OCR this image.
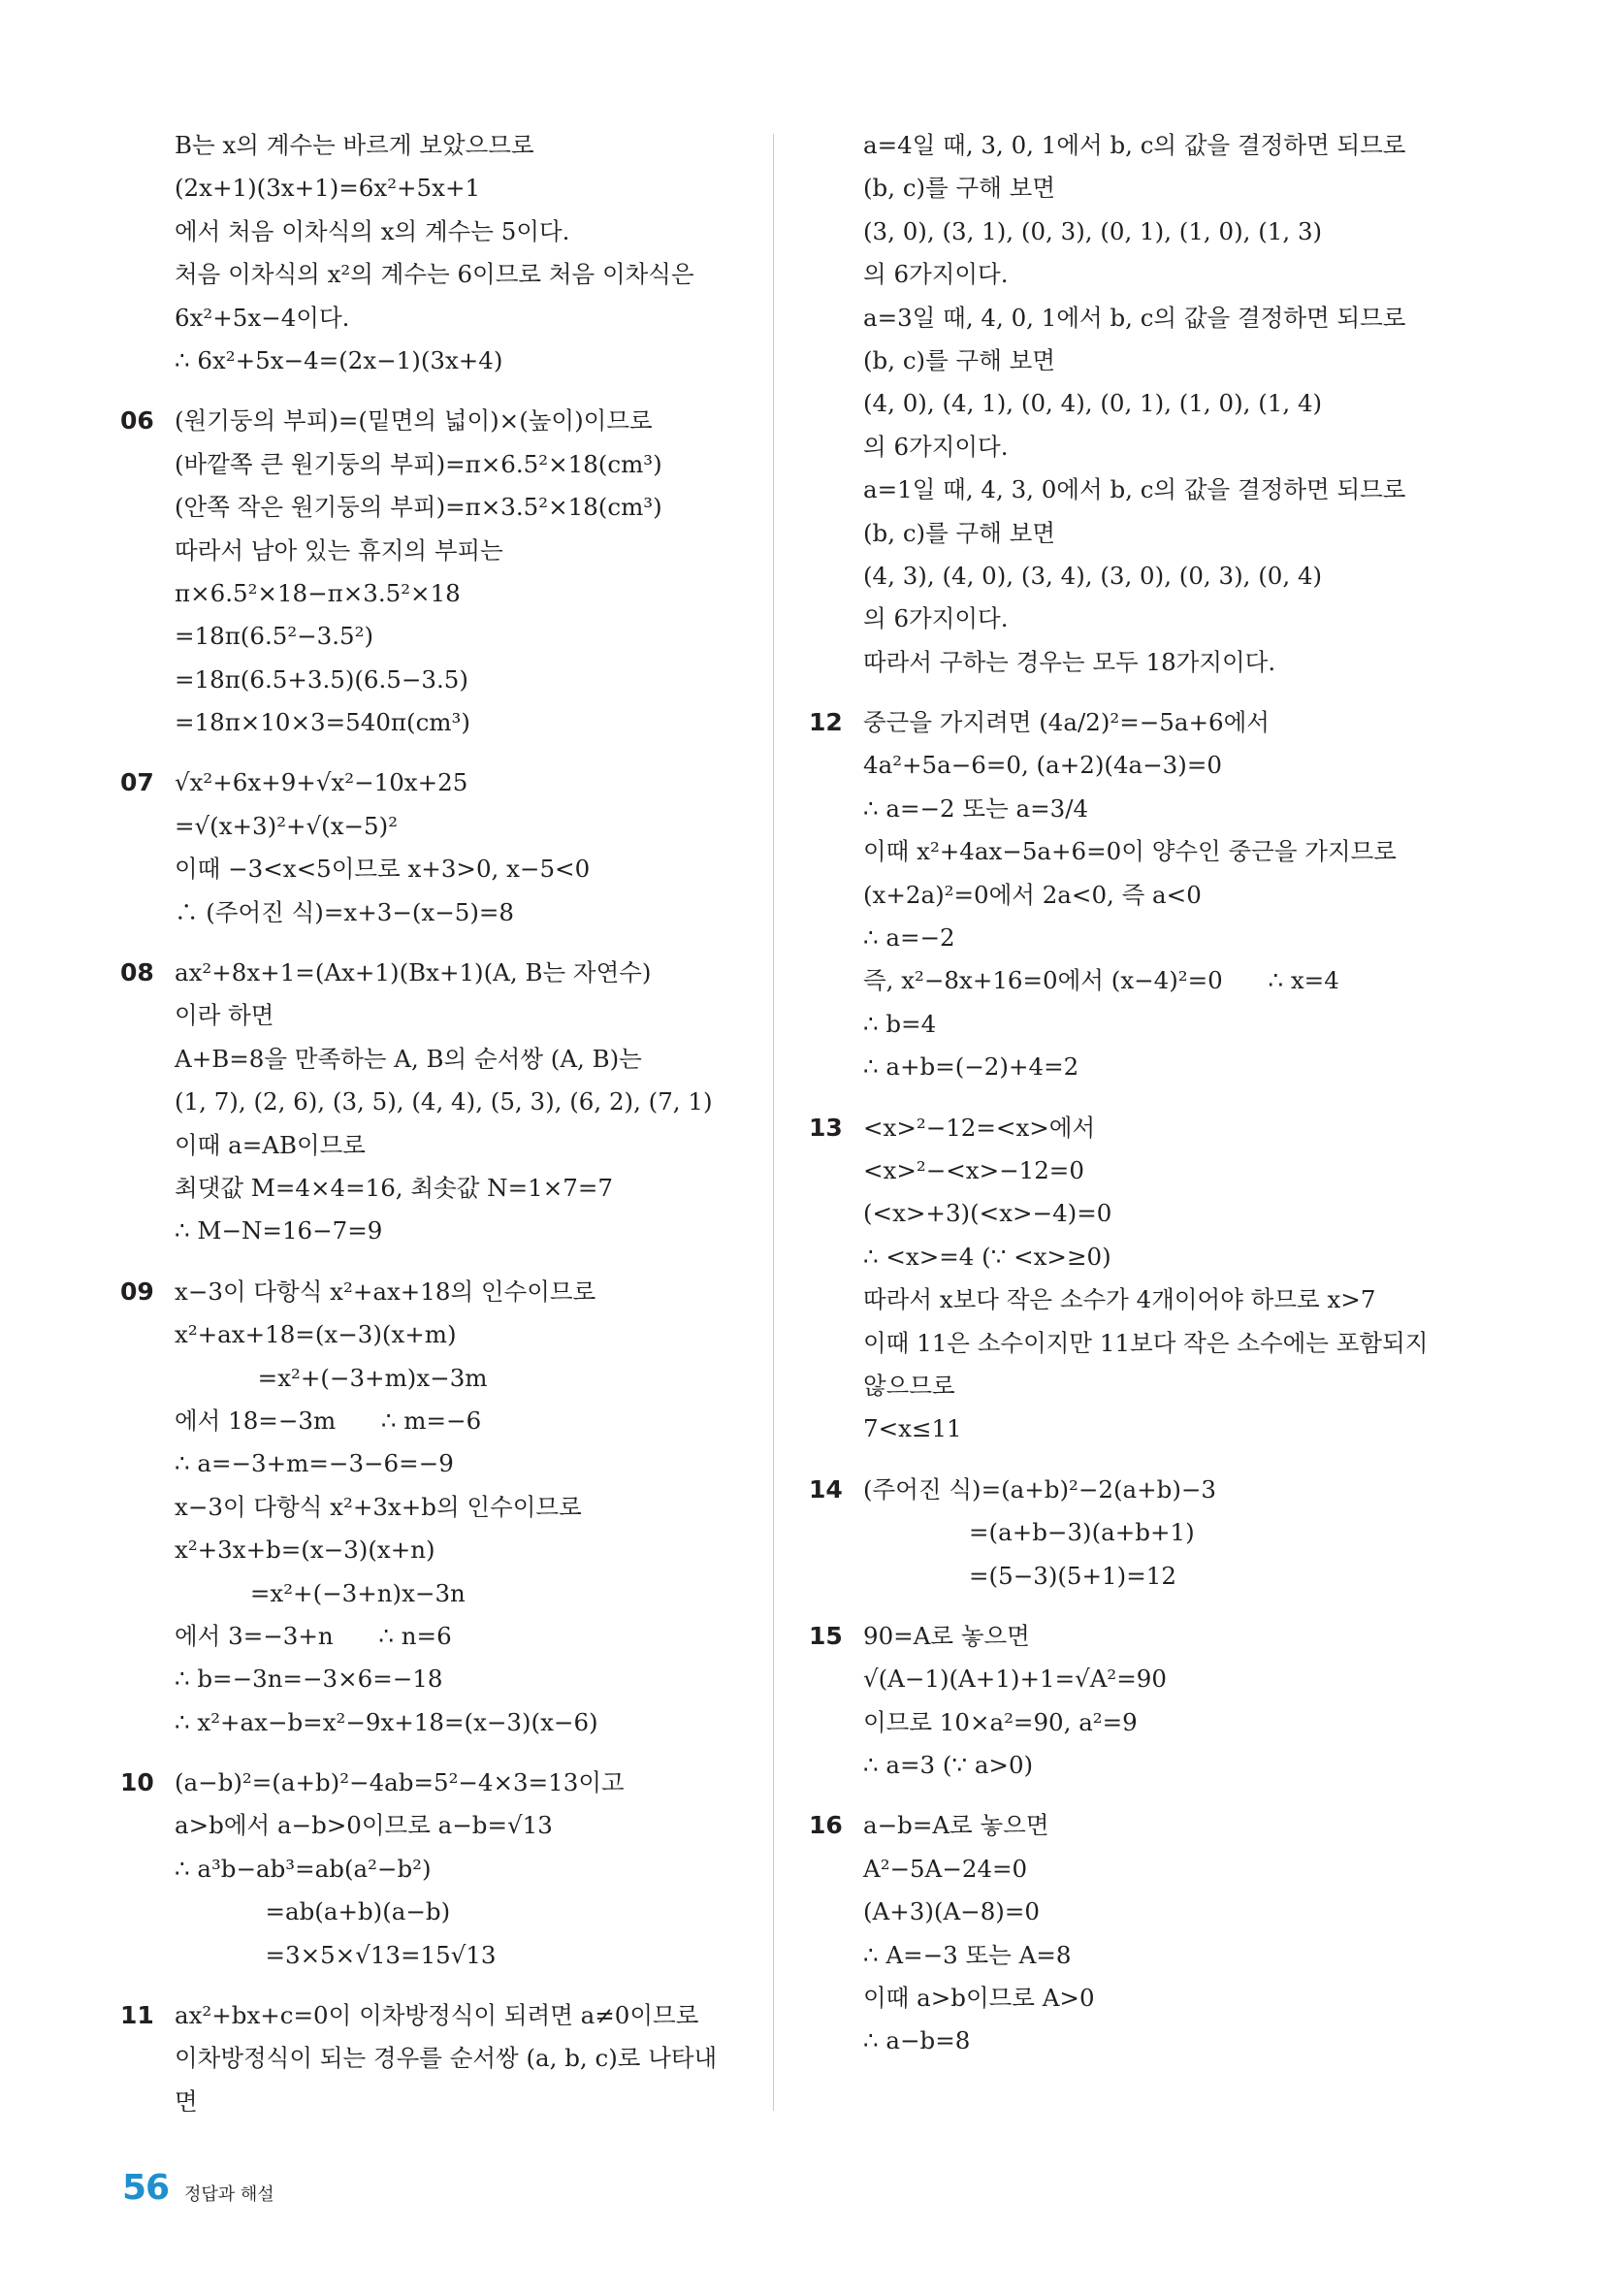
B는 x의 계수는 바르게 보았으므로
(2x+1)(3x+1)=6x²+5x+1
에서 처음 이차식의 x의 계수는 5이다.
처음 이차식의 x²의 계수는 6이므로 처음 이차식은
6x²+5x−4이다.
∴ 6x²+5x−4=(2x−1)(3x+4)
06 (원기둥의 부피)=(밑면의 넓이)×(높이)이므로
(바깥쪽 큰 원기둥의 부피)=π×6.5²×18(cm³)
(안쪽 작은 원기둥의 부피)=π×3.5²×18(cm³)
따라서 남아 있는 휴지의 부피는
π×6.5²×18−π×3.5²×18
=18π(6.5²−3.5²)
=18π(6.5+3.5)(6.5−3.5)
=18π×10×3=540π(cm³)
07 √x²+6x+9+√x²−10x+25
=√(x+3)²+√(x−5)²
이때 −3<x<5이므로 x+3>0, x−5<0
∴ (주어진 식)=x+3−(x−5)=8
08 ax²+8x+1=(Ax+1)(Bx+1)(A, B는 자연수)
이라 하면
A+B=8을 만족하는 A, B의 순서쌍 (A, B)는
(1, 7), (2, 6), (3, 5), (4, 4), (5, 3), (6, 2), (7, 1)
이때 a=AB이므로
최댓값 M=4×4=16, 최솟값 N=1×7=7
∴ M−N=16−7=9
09 x−3이 다항식 x²+ax+18의 인수이므로
x²+ax+18=(x−3)(x+m)
=x²+(−3+m)x−3m
에서 18=−3m      ∴ m=−6
∴ a=−3+m=−3−6=−9
x−3이 다항식 x²+3x+b의 인수이므로
x²+3x+b=(x−3)(x+n)
=x²+(−3+n)x−3n
에서 3=−3+n      ∴ n=6
∴ b=−3n=−3×6=−18
∴ x²+ax−b=x²−9x+18=(x−3)(x−6)
10 (a−b)²=(a+b)²−4ab=5²−4×3=13이고
a>b에서 a−b>0이므로 a−b=√13
∴ a³b−ab³=ab(a²−b²)
=ab(a+b)(a−b)
=3×5×√13=15√13
11 ax²+bx+c=0이 이차방정식이 되려면 a≠0이므로
이차방정식이 되는 경우를 순서쌍 (a, b, c)로 나타내
면
a=4일 때, 3, 0, 1에서 b, c의 값을 결정하면 되므로
(b, c)를 구해 보면
(3, 0), (3, 1), (0, 3), (0, 1), (1, 0), (1, 3)
의 6가지이다.
a=3일 때, 4, 0, 1에서 b, c의 값을 결정하면 되므로
(b, c)를 구해 보면
(4, 0), (4, 1), (0, 4), (0, 1), (1, 0), (1, 4)
의 6가지이다.
a=1일 때, 4, 3, 0에서 b, c의 값을 결정하면 되므로
(b, c)를 구해 보면
(4, 3), (4, 0), (3, 4), (3, 0), (0, 3), (0, 4)
의 6가지이다.
따라서 구하는 경우는 모두 18가지이다.
12 중근을 가지려면 (4a/2)²=−5a+6에서
4a²+5a−6=0, (a+2)(4a−3)=0
∴ a=−2 또는 a=3/4
이때 x²+4ax−5a+6=0이 양수인 중근을 가지므로
(x+2a)²=0에서 2a<0, 즉 a<0
∴ a=−2
즉, x²−8x+16=0에서 (x−4)²=0      ∴ x=4
∴ b=4
∴ a+b=(−2)+4=2
13 <x>²−12=<x>에서
<x>²−<x>−12=0
(<x>+3)(<x>−4)=0
∴ <x>=4 (∵ <x>≥0)
따라서 x보다 작은 소수가 4개이어야 하므로 x>7
이때 11은 소수이지만 11보다 작은 소수에는 포함되지
않으므로
7<x≤11
14 (주어진 식)=(a+b)²−2(a+b)−3
=(a+b−3)(a+b+1)
=(5−3)(5+1)=12
15 90=A로 놓으면
√(A−1)(A+1)+1=√A²=90
이므로 10×a²=90, a²=9
∴ a=3 (∵ a>0)
16 a−b=A로 놓으면
A²−5A−24=0
(A+3)(A−8)=0
∴ A=−3 또는 A=8
이때 a>b이므로 A>0
∴ a−b=8
56 정답과 해설
